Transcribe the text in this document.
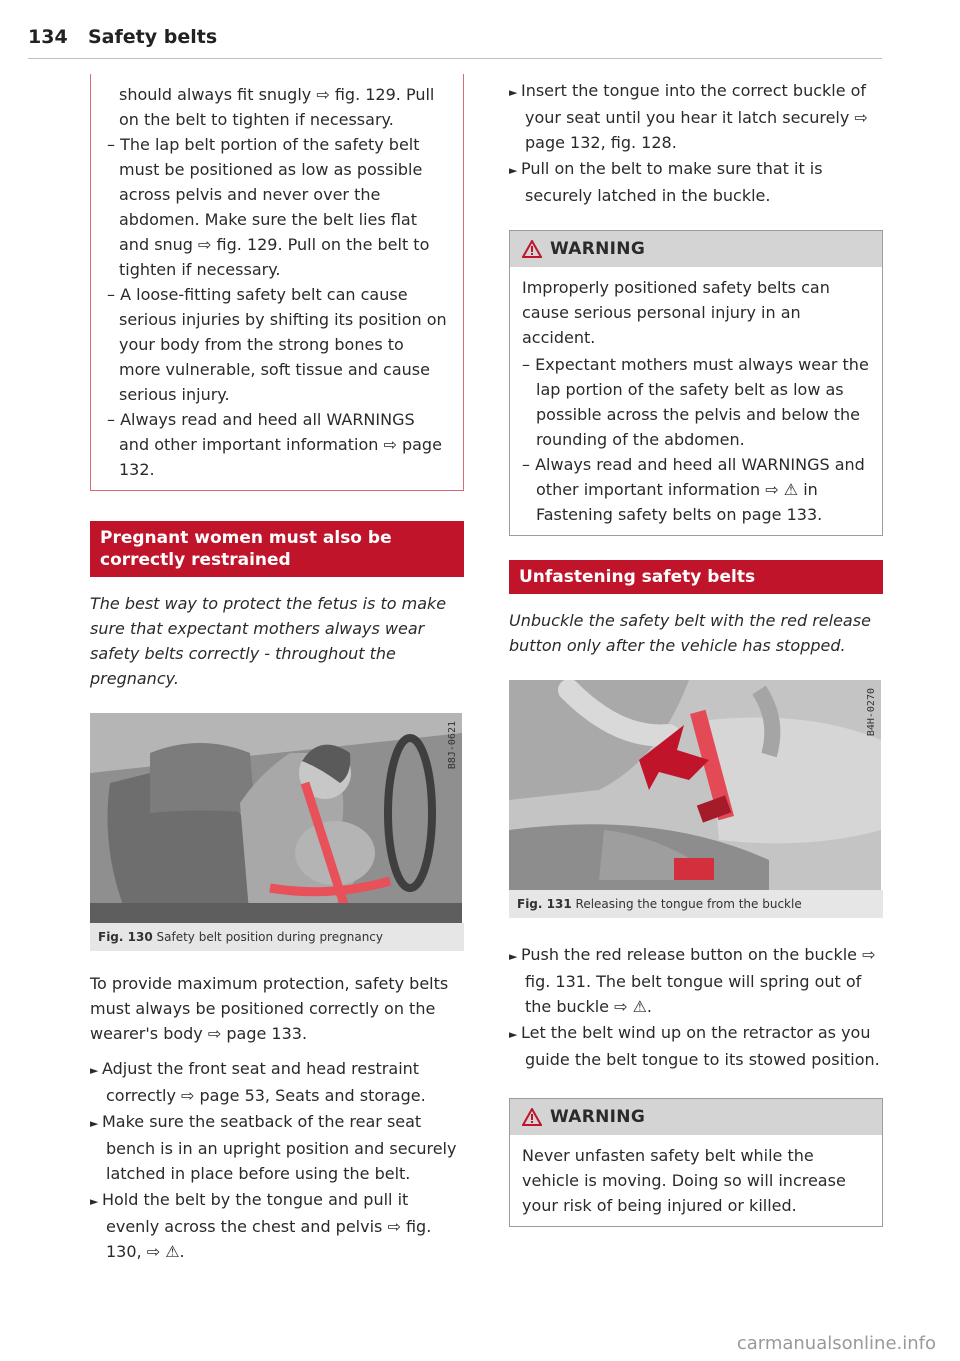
134 Safety belts

should always fit snugly ⇨ fig. 129. Pull on the belt to tighten if necessary.

– The lap belt portion of the safety belt must be positioned as low as possible across pelvis and never over the abdomen. Make sure the belt lies flat and snug ⇨ fig. 129. Pull on the belt to tighten if necessary.
– A loose-fitting safety belt can cause serious injuries by shifting its position on your body from the strong bones to more vulnerable, soft tissue and cause serious injury.
– Always read and heed all WARNINGS and other important information ⇨ page 132.
Pregnant women must also be correctly restrained

The best way to protect the fetus is to make sure that expectant mothers always wear safety belts correctly - throughout the pregnancy.

B8J-0621
Fig. 130 Safety belt position during pregnancy

To provide maximum protection, safety belts must always be positioned correctly on the wearer's body ⇨ page 133.

► Adjust the front seat and head restraint correctly ⇨ page 53, Seats and storage.
► Make sure the seatback of the rear seat bench is in an upright position and securely latched in place before using the belt.
► Hold the belt by the tongue and pull it evenly across the chest and pelvis ⇨ fig. 130, ⇨ ⚠.
► Insert the tongue into the correct buckle of your seat until you hear it latch securely ⇨ page 132, fig. 128.
► Pull on the belt to make sure that it is securely latched in the buckle.
WARNING

Improperly positioned safety belts can cause serious personal injury in an accident.

– Expectant mothers must always wear the lap portion of the safety belt as low as possible across the pelvis and below the rounding of the abdomen.
– Always read and heed all WARNINGS and other important information ⇨ ⚠ in Fastening safety belts on page 133.
Unfastening safety belts

Unbuckle the safety belt with the red release button only after the vehicle has stopped.

B4H-0270
Fig. 131 Releasing the tongue from the buckle
► Push the red release button on the buckle ⇨ fig. 131. The belt tongue will spring out of the buckle ⇨ ⚠.
► Let the belt wind up on the retractor as you guide the belt tongue to its stowed position.
WARNING

Never unfasten safety belt while the vehicle is moving. Doing so will increase your risk of being injured or killed.

carmanualsonline.info
